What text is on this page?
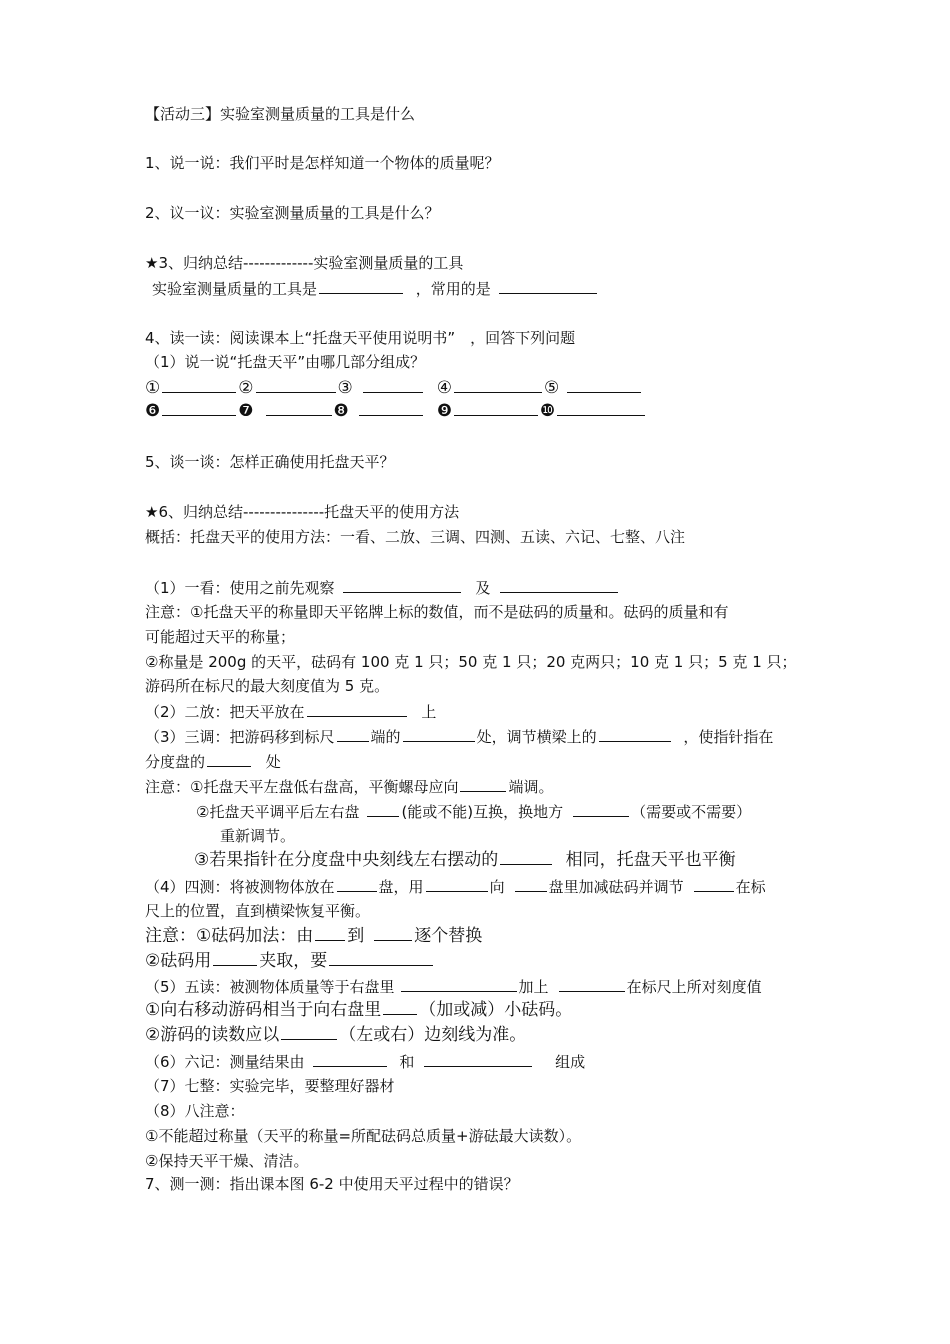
【活动三】实验室测量质量的工具是什么
1、说一说：我们平时是怎样知道一个物体的质量呢？
2、议一议：实验室测量质量的工具是什么？
★3、归纳总结-------------实验室测量质量的工具
实验室测量质量的工具是	，常用的是
4、读一读：阅读课本上“托盘天平使用说明书”　，回答下列问题
（1）说一说“托盘天平”由哪几部分组成？
①	②	③	④	⑤
❻	❼	❽	❾	❿
5、谈一谈：怎样正确使用托盘天平？
★6、归纳总结---------------托盘天平的使用方法
概括：托盘天平的使用方法：一看、二放、三调、四测、五读、六记、七整、八注
（1）一看：使用之前先观察	及
注意：①托盘天平的称量即天平铭牌上标的数值，而不是砝码的质量和。砝码的质量和有
可能超过天平的称量；
②称量是 200g 的天平，砝码有 100 克 1 只；50 克 1 只；20 克两只；10 克 1 只；5 克 1 只；
游码所在标尺的最大刻度值为 5 克。
（2）二放：把天平放在	上
（3）三调：把游码移到标尺 端的	处，调节横梁上的	，使指针指在
分度盘的	处
注意：①托盘天平左盘低右盘高，平衡螺母应向	端调。
②托盘天平调平后左右盘	(能或不能)互换，换地方	（需要或不需要）
重新调节。
③若果指针在分度盘中央刻线左右摆动的	相同，托盘天平也平衡
（4）四测：将被测物体放在	盘，用	向	盘里加减砝码并调节	在标
尺上的位置，直到横梁恢复平衡。
注意：①砝码加法：由 到	逐个替换
②砝码用	夹取，要
（5）五读：被测物体质量等于右盘里	加上	在标尺上所对刻度值
①向右移动游码相当于向右盘里 （加或减）小砝码。
②游码的读数应以	（左或右）边刻线为准。
（6）六记：测量结果由	和	组成
（7）七整：实验完毕，要整理好器材
（8）八注意：
①不能超过称量（天平的称量=所配砝码总质量+游砝最大读数）。
②保持天平干燥、清洁。
7、测一测：指出课本图 6-2 中使用天平过程中的错误？
